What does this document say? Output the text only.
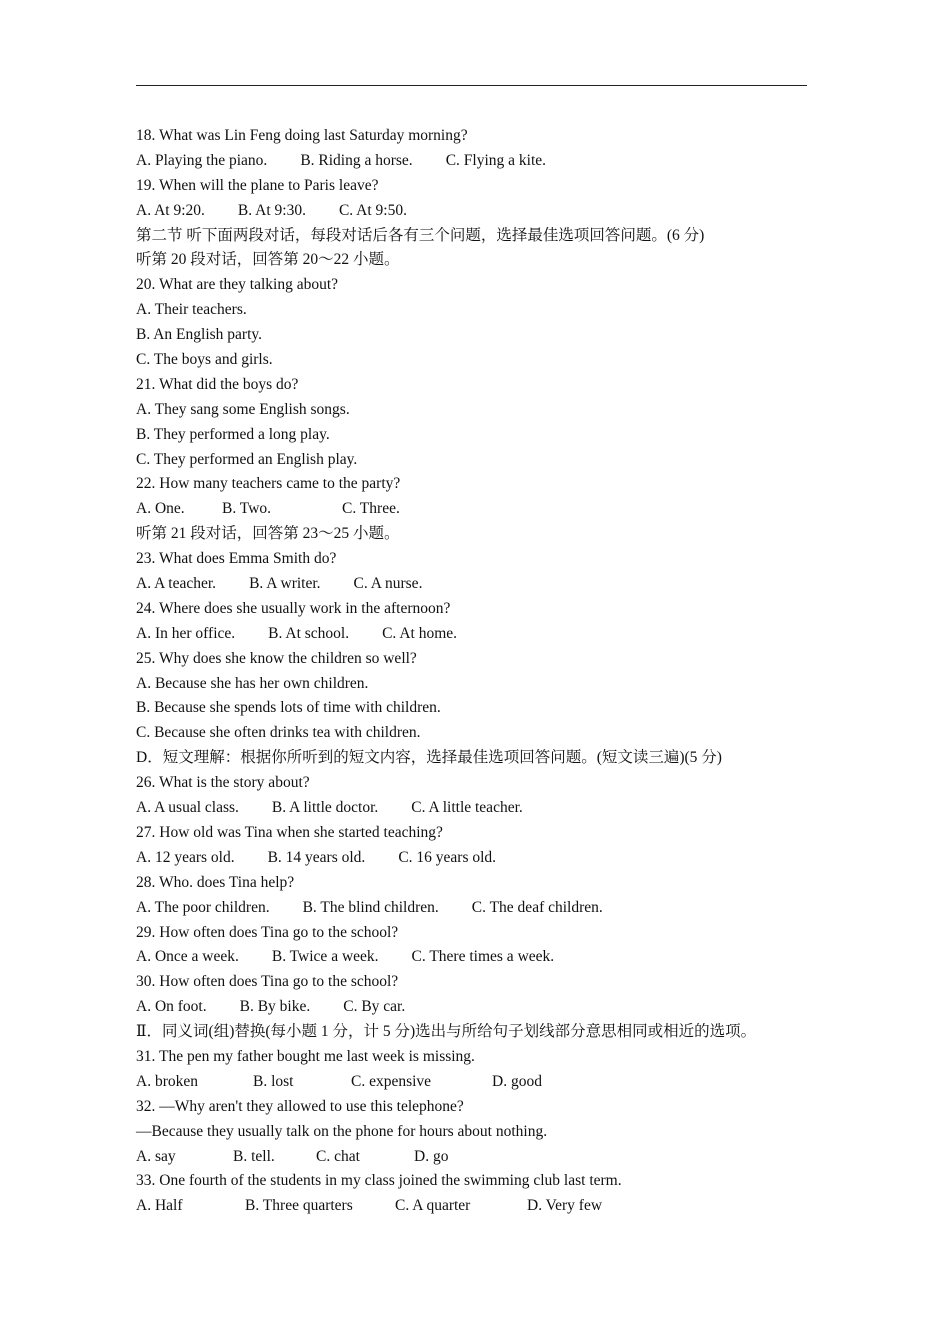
18. What was Lin Feng doing last Saturday morning?
A. Playing the piano. B. Riding a horse. C. Flying a kite.
19. When will the plane to Paris leave?
A. At 9:20. B. At 9:30. C. At 9:50.
第二节 听下面两段对话，每段对话后各有三个问题，选择最佳选项回答问题。(6 分)
听第 20 段对话，回答第 20～22 小题。
20. What are they talking about?
A. Their teachers.
B. An English party.
C. The boys and girls.
21. What did the boys do?
A. They sang some English songs.
B. They performed a long play.
C. They performed an English play.
22. How many teachers came to the party?
A. One. B. Two.	C. Three.
听第 21 段对话，回答第 23～25 小题。
23. What does Emma Smith do?
A. A teacher. B. A writer. C. A nurse.
24. Where does she usually work in the afternoon?
A. In her office. B. At school. C. At home.
25. Why does she know the children so well?
A. Because she has her own children.
B. Because she spends lots of time with children.
C. Because she often drinks tea with children.
D．短文理解：根据你所听到的短文内容，选择最佳选项回答问题。(短文读三遍)(5 分)
26. What is the story about?
A. A usual class. B. A little doctor. C. A little teacher.
27. How old was Tina when she started teaching?
A. 12 years old. B. 14 years old. C. 16 years old.
28. Who. does Tina help?
A. The poor children. B. The blind children. C. The deaf children.
29. How often does Tina go to the school?
A. Once a week. B. Twice a week. C. There times a week.
30. How often does Tina go to the school?
A. On foot. B. By bike. C. By car.
Ⅱ．同义词(组)替换(每小题 1 分，计 5 分)选出与所给句子划线部分意思相同或相近的选项。
31. The pen my father bought me last week is missing.
A. broken	B. lost	C. expensive	D. good
32. —Why aren't they allowed to use this telephone?
—Because they usually talk on the phone for hours about nothing.
A. say	B. tell.	C. chat	D. go
33. One fourth of the students in my class joined the swimming club last term.
A. Half	B. Three quarters	C. A quarter	D. Very few
